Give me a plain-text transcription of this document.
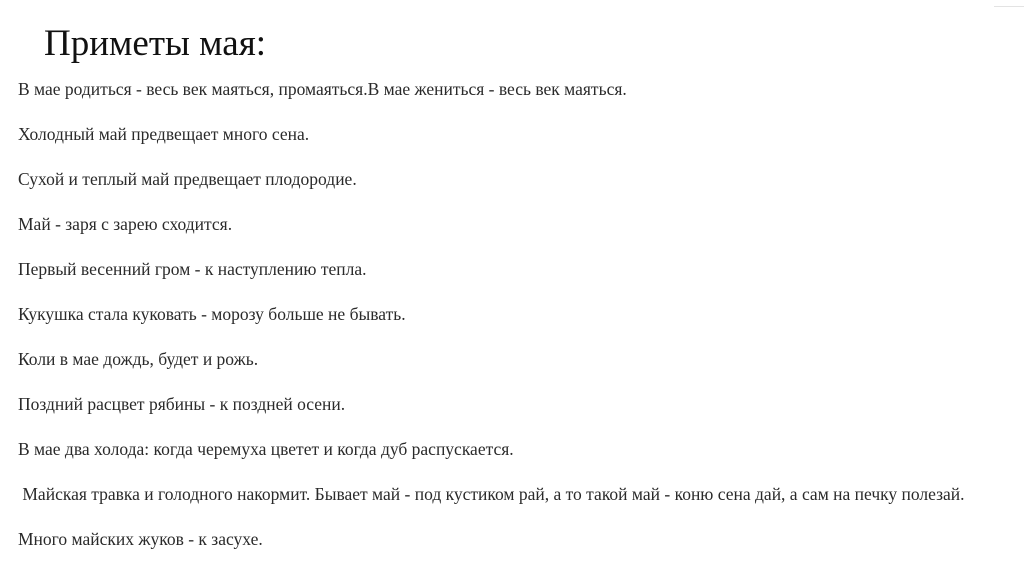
Приметы мая:

В мае родиться - весь век маяться, промаяться.В мае жениться - весь век маяться.

Холодный май предвещает много сена.

Сухой и теплый май предвещает плодородие.

Май - заря с зарею сходится.

Первый весенний гром - к наступлению тепла.

Кукушка стала куковать - морозу больше не бывать.

Коли в мае дождь, будет и рожь.

Поздний расцвет рябины - к поздней осени.

В мае два холода: когда черемуха цветет и когда дуб распускается.

Майская травка и голодного накормит. Бывает май - под кустиком рай, а то такой май - коню сена дай, а сам на печку полезай.

Много майских жуков - к засухе.
